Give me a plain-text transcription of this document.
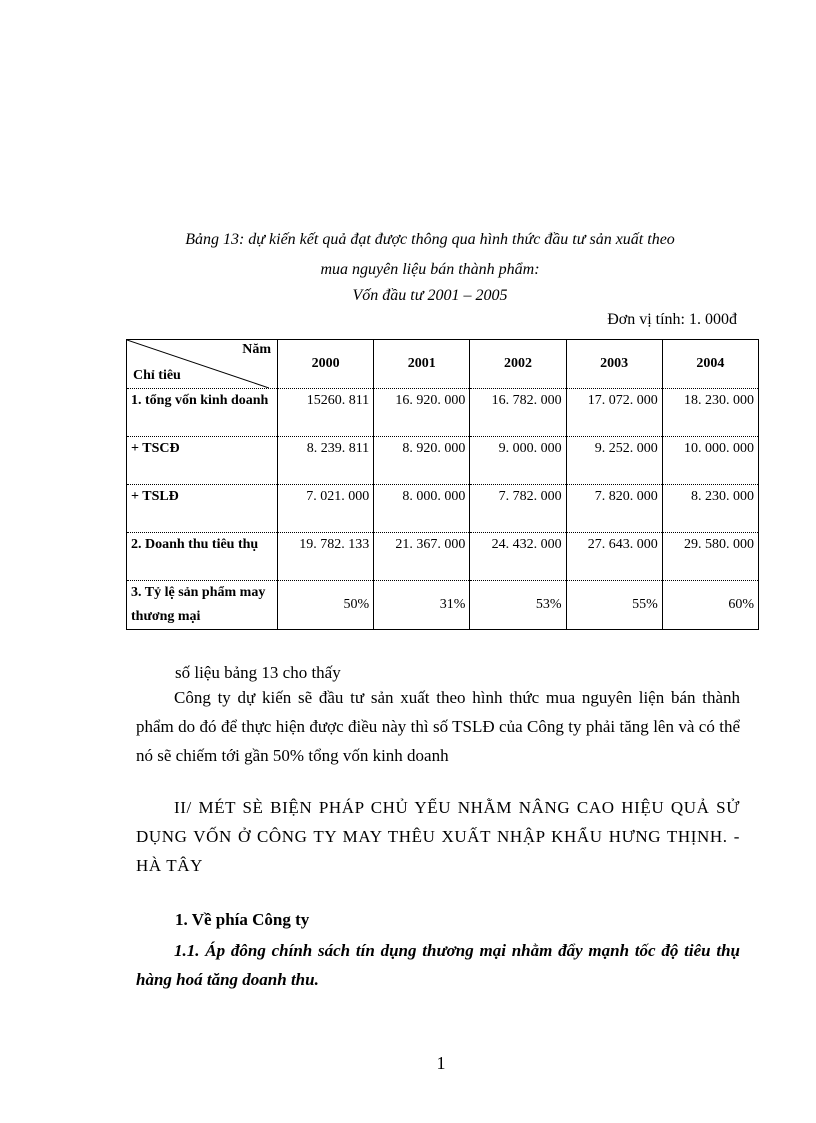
Bảng 13: dự kiến kết quả đạt được thông qua hình thức đầu tư sản xuất theo
mua nguyên liệu bán thành phẩm:
Vốn đầu tư 2001 – 2005
Đơn vị tính: 1. 000đ
Năm
Chỉ tiêu	2000	2001	2002	2003	2004
1. tổng vốn kinh doanh	15260. 811	16. 920. 000	16. 782. 000	17. 072. 000	18. 230. 000
+ TSCĐ	8. 239. 811	8. 920. 000	9. 000. 000	9. 252. 000	10. 000. 000
+ TSLĐ	7. 021. 000	8. 000. 000	7. 782. 000	7. 820. 000	8. 230. 000
2. Doanh thu tiêu thụ	19. 782. 133	21. 367. 000	24. 432. 000	27. 643. 000	29. 580. 000
3. Tỷ lệ sản phẩm may thương mại	50%	31%	53%	55%	60%
số liệu bảng 13 cho thấy
Công ty dự kiến sẽ đầu tư sản xuất theo hình thức mua nguyên liện bán thành phẩm do đó để thực hiện được điều này thì số TSLĐ của Công ty phải tăng lên và có thể nó sẽ chiếm tới gần 50% tổng vốn kinh doanh
II/ MÉT SÈ BIỆN PHÁP CHỦ YẾU NHẰM NÂNG CAO HIỆU QUẢ SỬ DỤNG VỐN Ở CÔNG TY MAY THÊU XUẤT NHẬP KHẨU HƯNG THỊNH. - HÀ TÂY
1. Về phía Công ty
1.1. Áp đông chính sách tín dụng thương mại nhằm đẩy mạnh tốc độ tiêu thụ hàng hoá tăng doanh thu.
1
